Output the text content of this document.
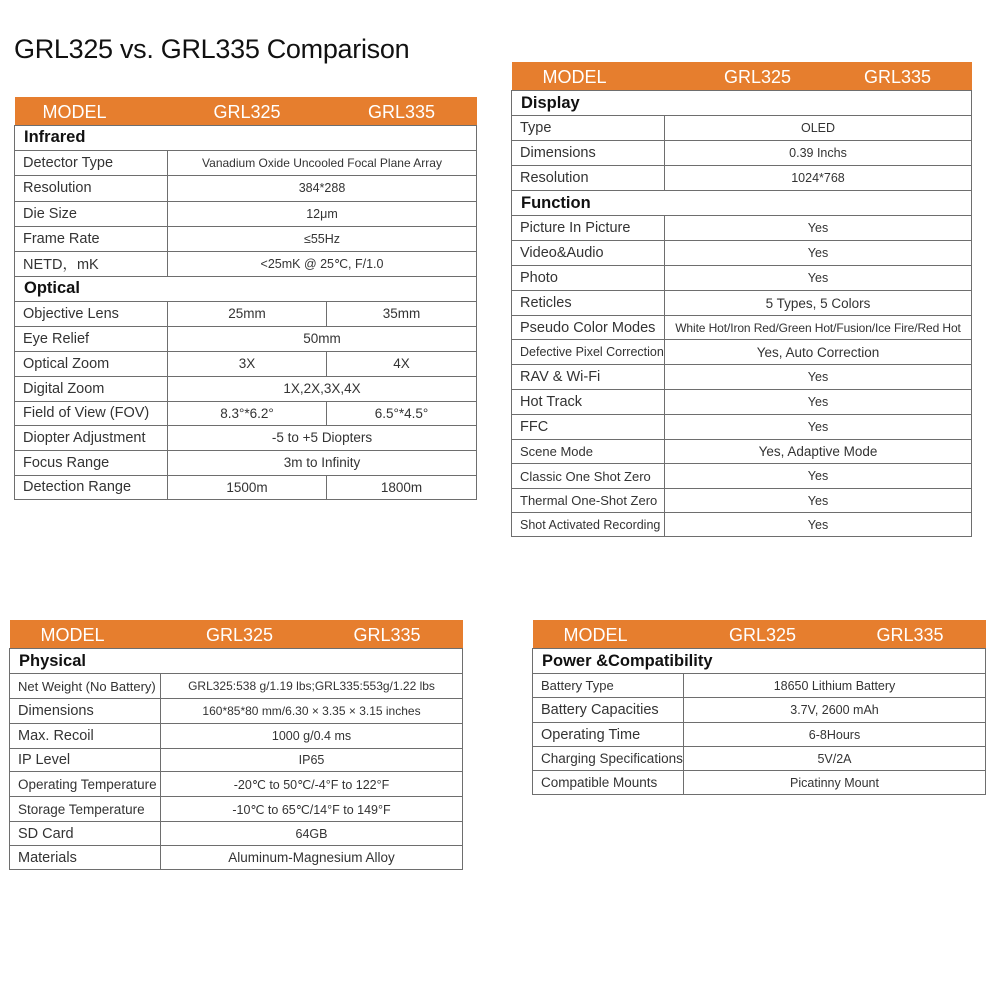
GRL325 vs. GRL335 Comparison
MODEL	GRL325	GRL335
Infrared		
Detector Type	Vanadium Oxide Uncooled Focal Plane Array	
Resolution	384*288	
Die Size	12μm	
Frame Rate	≤55Hz	
NETD，mK	<25mK @ 25℃, F/1.0	
Optical		
Objective Lens	25mm	35mm
Eye Relief	50mm	
Optical Zoom	3X	4X
Digital Zoom	1X,2X,3X,4X	
Field of View (FOV)	8.3°*6.2°	6.5°*4.5°
Diopter Adjustment	-5 to +5 Diopters	
Focus Range	3m to Infinity	
Detection Range	1500m	1800m
MODEL GRL325 GRL335	

Display	
Type	OLED
Dimensions	0.39 Inchs
Resolution	1024*768
Function	
Picture In Picture	Yes
Video&Audio	Yes
Photo	Yes
Reticles	5 Types, 5 Colors
Pseudo Color Modes	White Hot/Iron Red/Green Hot/Fusion/Ice Fire/Red Hot
Defective Pixel Correction	Yes, Auto Correction
RAV & Wi-Fi	Yes
Hot Track	Yes
FFC	Yes
Scene Mode	Yes, Adaptive Mode
Classic One Shot Zero	Yes
Thermal One-Shot Zero	Yes
Shot Activated Recording	Yes
MODEL GRL325 GRL335	

Physical	
Net Weight (No Battery)	GRL325:538 g/1.19 lbs;GRL335:553g/1.22 lbs
Dimensions	160*85*80 mm/6.30 × 3.35 × 3.15 inches
Max. Recoil	1000 g/0.4 ms
IP Level	IP65
Operating Temperature	-20℃ to 50℃/-4°F to 122°F
Storage Temperature	-10℃ to 65℃/14°F to 149°F
SD Card	64GB
Materials	Aluminum-Magnesium Alloy
MODEL GRL325 GRL335	

Power &Compatibility	
Battery Type	18650 Lithium Battery
Battery Capacities	3.7V, 2600 mAh
Operating Time	6-8Hours
Charging Specifications	5V/2A
Compatible Mounts	Picatinny Mount
